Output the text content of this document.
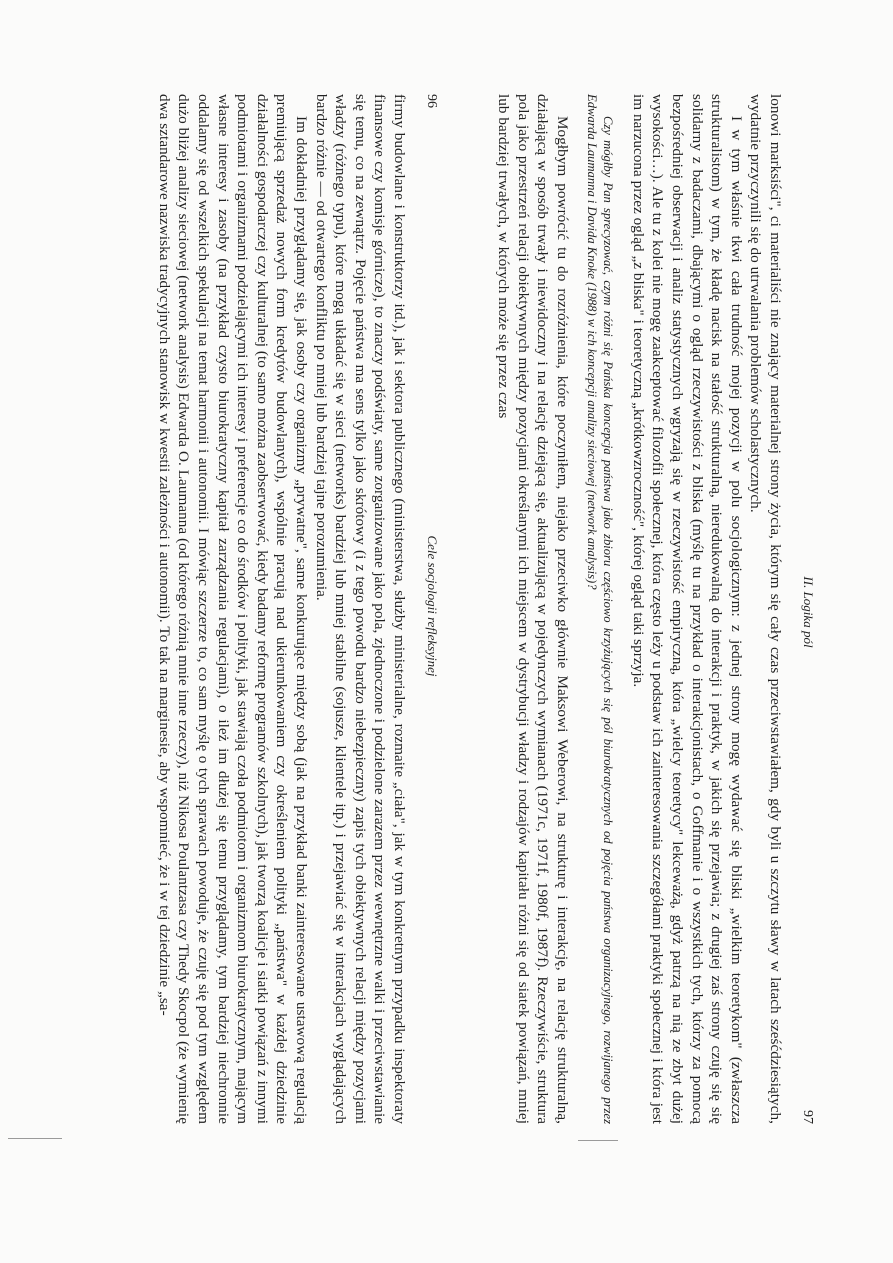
96
Cele socjologii refleksyjnej

firmy budowlane i konstruktorzy itd.), jak i sektora publicznego (ministerstwa, służby ministerialne, rozmaite „ciała", jak w tym konkretnym przypadku inspektoraty finansowe czy komisje górnicze), to znaczy podświaty, same zorganizowane jako pola, zjednoczone i podzielone zarazem przez wewnętrzne walki i przeciwstawianie się temu, co na zewnątrz. Pojęcie państwa ma sens tylko jako skrótowy (i z tego powodu bardzo niebezpieczny) zapis tych obiektywnych relacji między pozycjami władzy (różnego typu), które mogą układać się w sieci (networks) bardziej lub mniej stabilne (sojusze, klientele itp.) i przejawiać się w interakcjach wyglądających bardzo różnie — od otwartego konfliktu po mniej lub bardziej tajne porozumienia.

Im dokładniej przyglądamy się, jak osoby czy organizmy „prywatne", same konkurujące między sobą (jak na przykład banki zainteresowane ustawową regulacją premiującą sprzedaż nowych form kredytów budowlanych), wspólnie pracują nad ukierunkowaniem czy określeniem polityki „państwa" w każdej dziedzinie działalności gospodarczej czy kulturalnej (to samo można zaobserwować, kiedy badamy reformę programów szkolnych), jak tworzą koalicje i siatki powiązań z innymi podmiotami i organizmami podzielającymi ich interesy i preferencje co do środków i polityki, jak stawiają czoła podmiotom i organizmom biurokratycznym, mającym własne interesy i zasoby (na przykład czysto biurokratyczny kapitał zarządzania regulacjami), o ileż im dłużej się temu przyglądamy, tym bardziej niechronnie oddalamy się od wszelkich spekulacji na temat harmonii i autonomii. I mówiąc szczerze to, co sam myślę o tych sprawach powoduje, że czuję się pod tym względem dużo bliżej analizy sieciowej (network analysis) Edwarda O. Laumanna (od którego różnią mnie inne rzeczy), niż Nikosa Poulantzasa czy Thedy Skocpol (że wymienię dwa sztandarowe nazwiska tradycyjnych stanowisk w kwestii zależności i autonomii). To tak na marginesie, aby wspomnieć, że i w tej dziedzinie „sa-	II. Logika pól
97

lonowi marksiści", ci materialiści nie znający materialnej strony życia, którym się cały czas przeciwstawiałem, gdy byli u szczytu sławy w latach sześćdziesiątych, wydatnie przyczynili się do utrwalania problemów scholastycznych.

I w tym właśnie tkwi cała trudność mojej pozycji w polu socjologicznym: z jednej strony mogę wydawać się bliski „wielkim teoretykom" (zwłaszcza strukturalistom) w tym, że kładę nacisk na stałość strukturalną, nieredukowalną do interakcji i praktyk, w jakich się przejawia; z drugiej zaś strony czuję się się solidarny z badaczami, dbającymi o ogląd rzeczywistości z bliska (myślę tu na przykład o interakcjonistach, o Goffmanie i o wszystkich tych, którzy za pomocą bezpośredniej obserwacji i analiz statystycznych wgryzają się w rzeczywistość empiryczną, która „wielcy teoretycy" lekceważą, gdyż patrzą na nią ze zbyt dużej wysokości…). Ale tu z kolei nie mogę zaakceptować filozofii społecznej, która często leży u podstaw ich zainteresowania szczegółami praktyki społecznej i która jest im narzucona przez ogląd „z bliska" i teoretyczną „krótkowzroczność", której ogląd taki sprzyja.

Czy mógłby Pan sprecyzować, czym różni się Pańska koncepcja państwa jako zbioru częściowo krzyżujących się pól biurokratycznych od pojęcia państwa organizacyjnego, rozwijanego przez Edwarda Laumanna i Davida Knoke (1988) w ich koncepcji analizy sieciowej (network analysis)?

Mogłbym powrócić tu do rozróżnienia, które poczyniłem, niejako przeciwko głównie Maksowi Weberowi, na strukturę i interakcję, na relację strukturalną, działającą w sposób trwały i niewidoczny i na relację dziejącą się, aktualizującą w pojedynczych wymianach (1971c, 1971f, 1980f, 1987f). Rzeczywiście, struktura pola jako przestrzeń relacji obiektywnych między pozycjami określanymi ich miejscem w dystrybucji władzy i rodzajów kapitału różni się od siatek powiązań, mniej lub bardziej trwałych, w których może się przez czas
